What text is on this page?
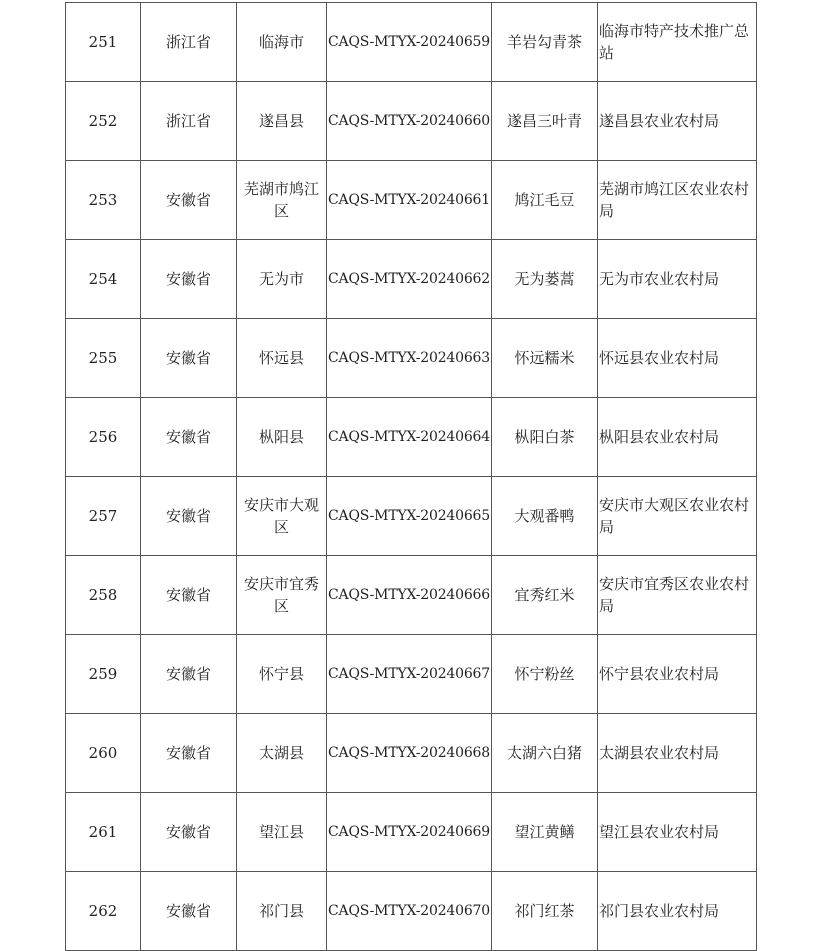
251	浙江省	临海市	CAQS-MTYX-20240659	羊岩勾青茶	临海市特产技术推广总站
252	浙江省	遂昌县	CAQS-MTYX-20240660	遂昌三叶青	遂昌县农业农村局
253	安徽省	芜湖市鸠江区	CAQS-MTYX-20240661	鸠江毛豆	芜湖市鸠江区农业农村局
254	安徽省	无为市	CAQS-MTYX-20240662	无为蒌蒿	无为市农业农村局
255	安徽省	怀远县	CAQS-MTYX-20240663	怀远糯米	怀远县农业农村局
256	安徽省	枞阳县	CAQS-MTYX-20240664	枞阳白茶	枞阳县农业农村局
257	安徽省	安庆市大观区	CAQS-MTYX-20240665	大观番鸭	安庆市大观区农业农村局
258	安徽省	安庆市宜秀区	CAQS-MTYX-20240666	宜秀红米	安庆市宜秀区农业农村局
259	安徽省	怀宁县	CAQS-MTYX-20240667	怀宁粉丝	怀宁县农业农村局
260	安徽省	太湖县	CAQS-MTYX-20240668	太湖六白猪	太湖县农业农村局
261	安徽省	望江县	CAQS-MTYX-20240669	望江黄鳝	望江县农业农村局
262	安徽省	祁门县	CAQS-MTYX-20240670	祁门红茶	祁门县农业农村局
